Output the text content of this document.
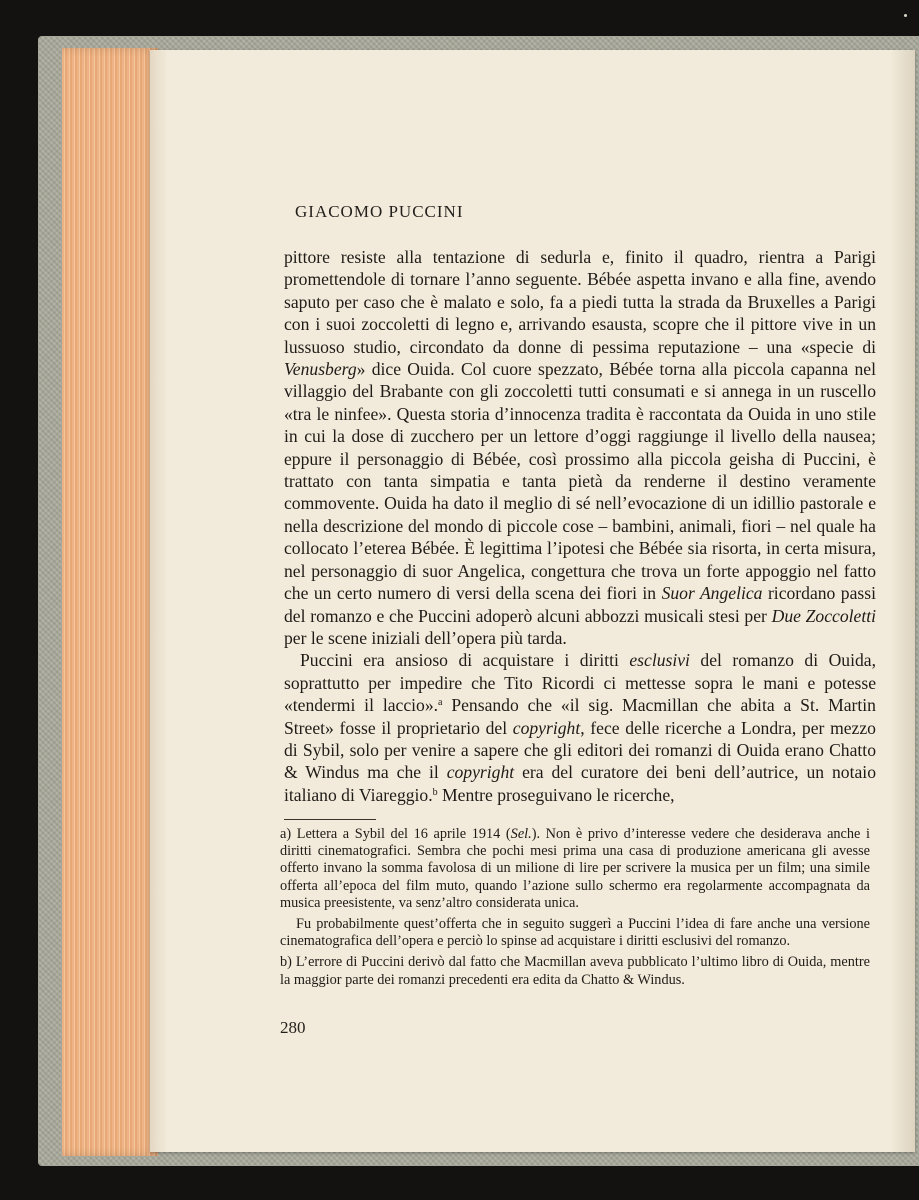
GIACOMO PUCCINI

pittore resiste alla tentazione di sedurla e, finito il quadro, rientra a Parigi promettendole di tornare l’anno seguente. Bébée aspetta invano e alla fine, avendo saputo per caso che è malato e solo, fa a piedi tutta la strada da Bruxelles a Parigi con i suoi zoccoletti di legno e, arrivando esausta, scopre che il pittore vive in un lussuoso studio, circondato da donne di pessima reputazione – una «specie di Venusberg» dice Ouida. Col cuore spezzato, Bébée torna alla piccola capanna nel villaggio del Brabante con gli zoccoletti tutti consumati e si annega in un ruscello «tra le ninfee». Questa storia d’innocenza tradita è raccontata da Ouida in uno stile in cui la dose di zucchero per un lettore d’oggi raggiunge il livello della nausea; eppure il personaggio di Bébée, così prossimo alla piccola geisha di Puccini, è trattato con tanta simpatia e tanta pietà da renderne il destino veramente commovente. Ouida ha dato il meglio di sé nell’evocazione di un idillio pastorale e nella descrizione del mondo di piccole cose – bambini, animali, fiori – nel quale ha collocato l’eterea Bébée. È legittima l’ipotesi che Bébée sia risorta, in certa misura, nel personaggio di suor Angelica, congettura che trova un forte appoggio nel fatto che un certo numero di versi della scena dei fiori in Suor Angelica ricordano passi del romanzo e che Puccini adoperò alcuni abbozzi musicali stesi per Due Zoccoletti per le scene iniziali dell’opera più tarda.

Puccini era ansioso di acquistare i diritti esclusivi del romanzo di Ouida, soprattutto per impedire che Tito Ricordi ci mettesse sopra le mani e potesse «tendermi il laccio».$^a$ Pensando che «il sig. Macmillan che abita a St. Martin Street» fosse il proprietario del copyright, fece delle ricerche a Londra, per mezzo di Sybil, solo per venire a sapere che gli editori dei romanzi di Ouida erano Chatto & Windus ma che il copyright era del curatore dei beni dell’autrice, un notaio italiano di Viareggio.$^b$ Mentre proseguivano le ricerche,

a) Lettera a Sybil del 16 aprile 1914 (Sel.). Non è privo d’interesse vedere che desiderava anche i diritti cinematografici. Sembra che pochi mesi prima una casa di produzione americana gli avesse offerto invano la somma favolosa di un milione di lire per scrivere la musica per un film; una simile offerta all’epoca del film muto, quando l’azione sullo schermo era regolarmente accompagnata da musica preesistente, va senz’altro considerata unica.

Fu probabilmente quest’offerta che in seguito suggerì a Puccini l’idea di fare anche una versione cinematografica dell’opera e perciò lo spinse ad acquistare i diritti esclusivi del romanzo.

b) L’errore di Puccini derivò dal fatto che Macmillan aveva pubblicato l’ultimo libro di Ouida, mentre la maggior parte dei romanzi precedenti era edita da Chatto & Windus.

280
